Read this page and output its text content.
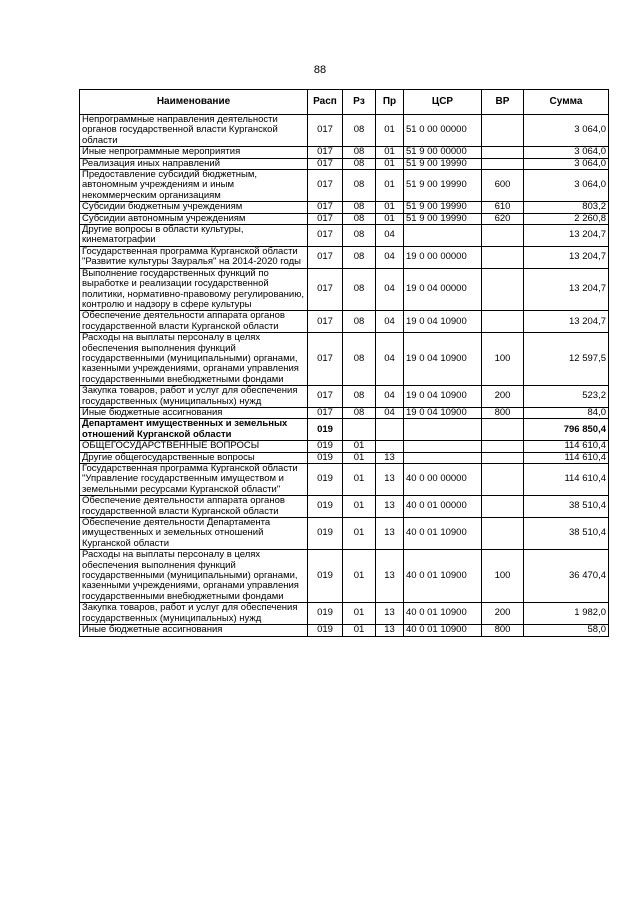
88
Наименование	Расп	Рз	Пр	ЦСР	ВР	Сумма
Непрограммные направления деятельности органов государственной власти Курганской области	017	08	01	51 0 00 00000		3 064,0
Иные непрограммные мероприятия	017	08	01	51 9 00 00000		3 064,0
Реализация иных направлений	017	08	01	51 9 00 19990		3 064,0
Предоставление субсидий бюджетным, автономным учреждениям и иным некоммерческим организациям	017	08	01	51 9 00 19990	600	3 064,0
Субсидии бюджетным учреждениям	017	08	01	51 9 00 19990	610	803,2
Субсидии автономным учреждениям	017	08	01	51 9 00 19990	620	2 260,8
Другие вопросы в области культуры, кинематографии	017	08	04			13 204,7
Государственная программа Курганской области "Развитие культуры Зауралья" на 2014-2020 годы	017	08	04	19 0 00 00000		13 204,7
Выполнение государственных функций по выработке и реализации государственной политики, нормативно-правовому регулированию, контролю и надзору в сфере культуры	017	08	04	19 0 04 00000		13 204,7
Обеспечение деятельности аппарата органов государственной власти Курганской области	017	08	04	19 0 04 10900		13 204,7
Расходы на выплаты персоналу в целях обеспечения выполнения функций государственными (муниципальными) органами, казенными учреждениями, органами управления государственными внебюджетными фондами	017	08	04	19 0 04 10900	100	12 597,5
Закупка товаров, работ и услуг для обеспечения государственных (муниципальных) нужд	017	08	04	19 0 04 10900	200	523,2
Иные бюджетные ассигнования	017	08	04	19 0 04 10900	800	84,0
Департамент имущественных и земельных отношений Курганской области	019					796 850,4
ОБЩЕГОСУДАРСТВЕННЫЕ ВОПРОСЫ	019	01				114 610,4
Другие общегосударственные вопросы	019	01	13			114 610,4
Государственная программа Курганской области "Управление государственным имуществом и земельными ресурсами Курганской области"	019	01	13	40 0 00 00000		114 610,4
Обеспечение деятельности аппарата органов государственной власти Курганской области	019	01	13	40 0 01 00000		38 510,4
Обеспечение деятельности Департамента имущественных и земельных отношений Курганской области	019	01	13	40 0 01 10900		38 510,4
Расходы на выплаты персоналу в целях обеспечения выполнения функций государственными (муниципальными) органами, казенными учреждениями, органами управления государственными внебюджетными фондами	019	01	13	40 0 01 10900	100	36 470,4
Закупка товаров, работ и услуг для обеспечения государственных (муниципальных) нужд	019	01	13	40 0 01 10900	200	1 982,0
Иные бюджетные ассигнования	019	01	13	40 0 01 10900	800	58,0
